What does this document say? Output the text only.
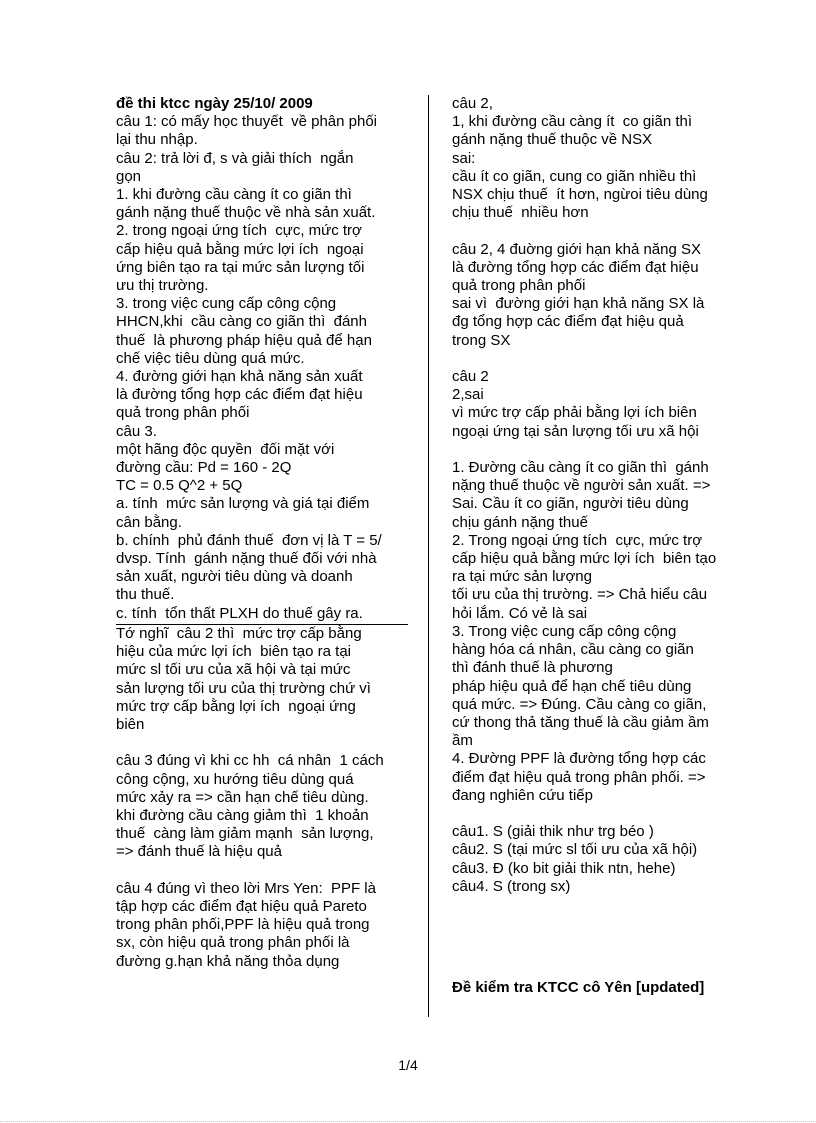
đề thi ktcc ngày 25/10/ 2009
câu 1: có mấy học thuyết  về phân phối
lại thu nhập.
câu 2: trả lời đ, s và giải thích  ngắn
gọn
1. khi đường cầu càng ít co giãn thì
gánh nặng thuế thuộc về nhà sản xuất.
2. trong ngoại ứng tích  cực, mức trợ
cấp hiệu quả bằng mức lợi ích  ngoại
ứng biên tạo ra tại mức sản lượng tối
ưu thị trường.
3. trong việc cung cấp công cộng
HHCN,khi  cầu càng co giãn thì  đánh
thuế  là phương pháp hiệu quả để hạn
chế việc tiêu dùng quá mức.
4. đường giới hạn khả năng sản xuất
là đường tổng hợp các điểm đạt hiệu
quả trong phân phối
câu 3.
một hãng độc quyền  đối mặt với
đường cầu: Pd = 160 - 2Q
TC = 0.5 Q^2 + 5Q
a. tính  mức sản lượng và giá tại điểm
cân bằng.
b. chính  phủ đánh thuế  đơn vị là T = 5/
dvsp. Tính  gánh nặng thuế đối với nhà
sản xuất, người tiêu dùng và doanh
thu thuế.
c. tính  tổn thất PLXH do thuế gây ra.
Tớ nghĩ  câu 2 thì  mức trợ cấp bằng
hiệu của mức lợi ích  biên tạo ra tại
mức sl tối ưu của xã hội và tại mức
sản lượng tối ưu của thị trường chứ vì
mức trợ cấp bằng lợi ích  ngoại ứng
biên

câu 3 đúng vì khi cc hh  cá nhân  1 cách
công cộng, xu hướng tiêu dùng quá
mức xảy ra => cần hạn chế tiêu dùng.
khi đường cầu càng giảm thì  1 khoản
thuế  càng làm giảm mạnh  sản lượng,
=> đánh thuế là hiệu quả

câu 4 đúng vì theo lời Mrs Yen:  PPF là
tập hợp các điểm đạt hiệu quả Pareto
trong phân phối,PPF là hiệu quả trong
sx, còn hiệu quả trong phân phối là
đường g.hạn khả năng thỏa dụng
câu 2,
1, khi đường cầu càng ít  co giãn thì
gánh nặng thuế thuộc về NSX
sai:
cầu ít co giãn, cung co giãn nhiều thì
NSX chịu thuế  ít hơn, ngừoi tiêu dùng
chịu thuế  nhiều hơn

câu 2, 4 đuờng giới hạn khả năng SX
là đường tổng hợp các điểm đạt hiệu
quả trong phân phối
sai vì  đường giới hạn khả năng SX là
đg tổng hợp các điểm đạt hiệu quả
trong SX

câu 2
2,sai
vì mức trợ cấp phải bằng lợi ích biên
ngoại ứng tại sản lượng tối ưu xã hội

1. Đường cầu càng ít co giãn thì  gánh
nặng thuế thuộc về người sản xuất. =>
Sai. Cầu ít co giãn, người tiêu dùng
chịu gánh nặng thuế
2. Trong ngoại ứng tích  cực, mức trợ
cấp hiệu quả bằng mức lợi ích  biên tạo
ra tại mức sản lượng
tối ưu của thị trường. => Chả hiểu câu
hỏi lắm. Có vẻ là sai
3. Trong việc cung cấp công cộng
hàng hóa cá nhân, cầu càng co giãn
thì đánh thuế là phương
pháp hiệu quả để hạn chế tiêu dùng
quá mức. => Đúng. Cầu càng co giãn,
cứ thong thả tăng thuế là cầu giảm ầm
ầm
4. Đường PPF là đường tổng hợp các
điểm đạt hiệu quả trong phân phối. =>
đang nghiên cứu tiếp

câu1. S (giải thik như trg béo )
câu2. S (tại mức sl tối ưu của xã hội)
câu3. Đ (ko bit giải thik ntn, hehe)
câu4. S (trong sx)
Đề kiểm tra KTCC cô Yên [updated]
1/4
